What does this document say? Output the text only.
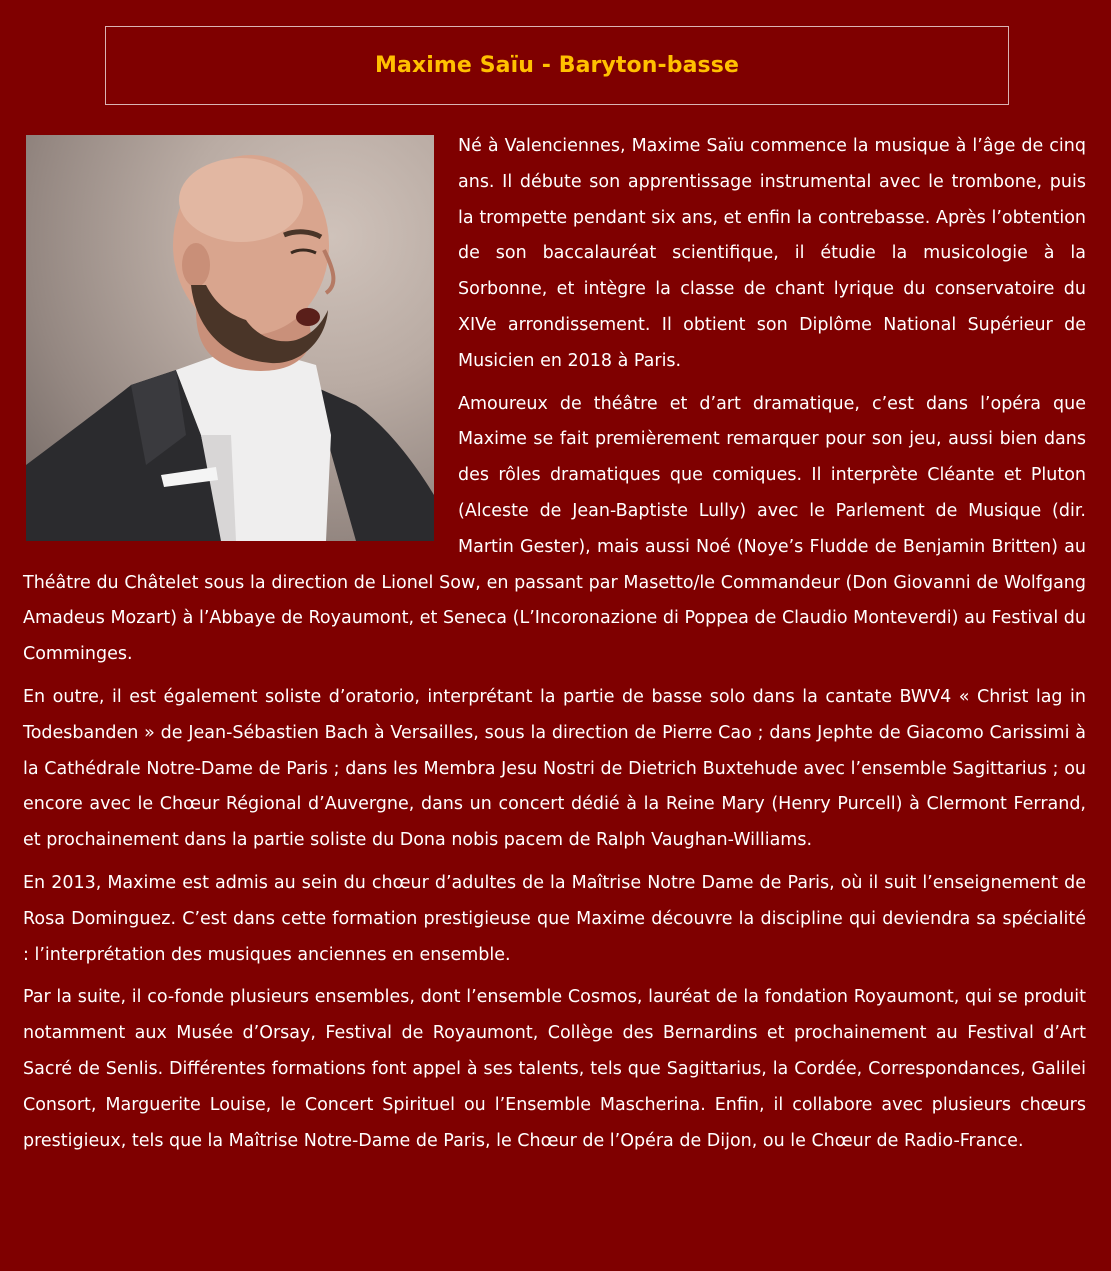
Maxime Saïu - Baryton-basse

Né à Valenciennes, Maxime Saïu commence la musique à l’âge de cinq ans. Il débute son apprentissage instrumental avec le trombone, puis la trompette pendant six ans, et enfin la contrebasse. Après l’obtention de son baccalauréat scientifique, il étudie la musicologie à la Sorbonne, et intègre la classe de chant lyrique du conservatoire du XIVe arrondissement. Il obtient son Diplôme National Supérieur de Musicien en 2018 à Paris.

Amoureux de théâtre et d’art dramatique, c’est dans l’opéra que Maxime se fait premièrement remarquer pour son jeu, aussi bien dans des rôles dramatiques que comiques. Il interprète Cléante et Pluton (Alceste de Jean-Baptiste Lully) avec le Parlement de Musique (dir. Martin Gester), mais aussi Noé (Noye’s Fludde de Benjamin Britten) au Théâtre du Châtelet sous la direction de Lionel Sow, en passant par Masetto/le Commandeur (Don Giovanni de Wolfgang Amadeus Mozart) à l’Abbaye de Royaumont, et Seneca (L’Incoronazione di Poppea de Claudio Monteverdi) au Festival du Comminges.

En outre, il est également soliste d’oratorio, interprétant la partie de basse solo dans la cantate BWV4 « Christ lag in Todesbanden » de Jean-Sébastien Bach à Versailles, sous la direction de Pierre Cao ; dans Jephte de Giacomo Carissimi à la Cathédrale Notre-Dame de Paris ; dans les Membra Jesu Nostri de Dietrich Buxtehude avec l’ensemble Sagittarius ; ou encore avec le Chœur Régional d’Auvergne, dans un concert dédié à la Reine Mary (Henry Purcell) à Clermont Ferrand, et prochainement dans la partie soliste du Dona nobis pacem de Ralph Vaughan-Williams.

En 2013, Maxime est admis au sein du chœur d’adultes de la Maîtrise Notre Dame de Paris, où il suit l’enseignement de Rosa Dominguez. C’est dans cette formation prestigieuse que Maxime découvre la discipline qui deviendra sa spécialité : l’interprétation des musiques anciennes en ensemble.

Par la suite, il co-fonde plusieurs ensembles, dont l’ensemble Cosmos, lauréat de la fondation Royaumont, qui se produit notamment aux Musée d’Orsay, Festival de Royaumont, Collège des Bernardins et prochainement au Festival d’Art Sacré de Senlis. Différentes formations font appel à ses talents, tels que Sagittarius, la Cordée, Correspondances, Galilei Consort, Marguerite Louise, le Concert Spirituel ou l’Ensemble Mascherina. Enfin, il collabore avec plusieurs chœurs prestigieux, tels que la Maîtrise Notre-Dame de Paris, le Chœur de l’Opéra de Dijon, ou le Chœur de Radio-France.
